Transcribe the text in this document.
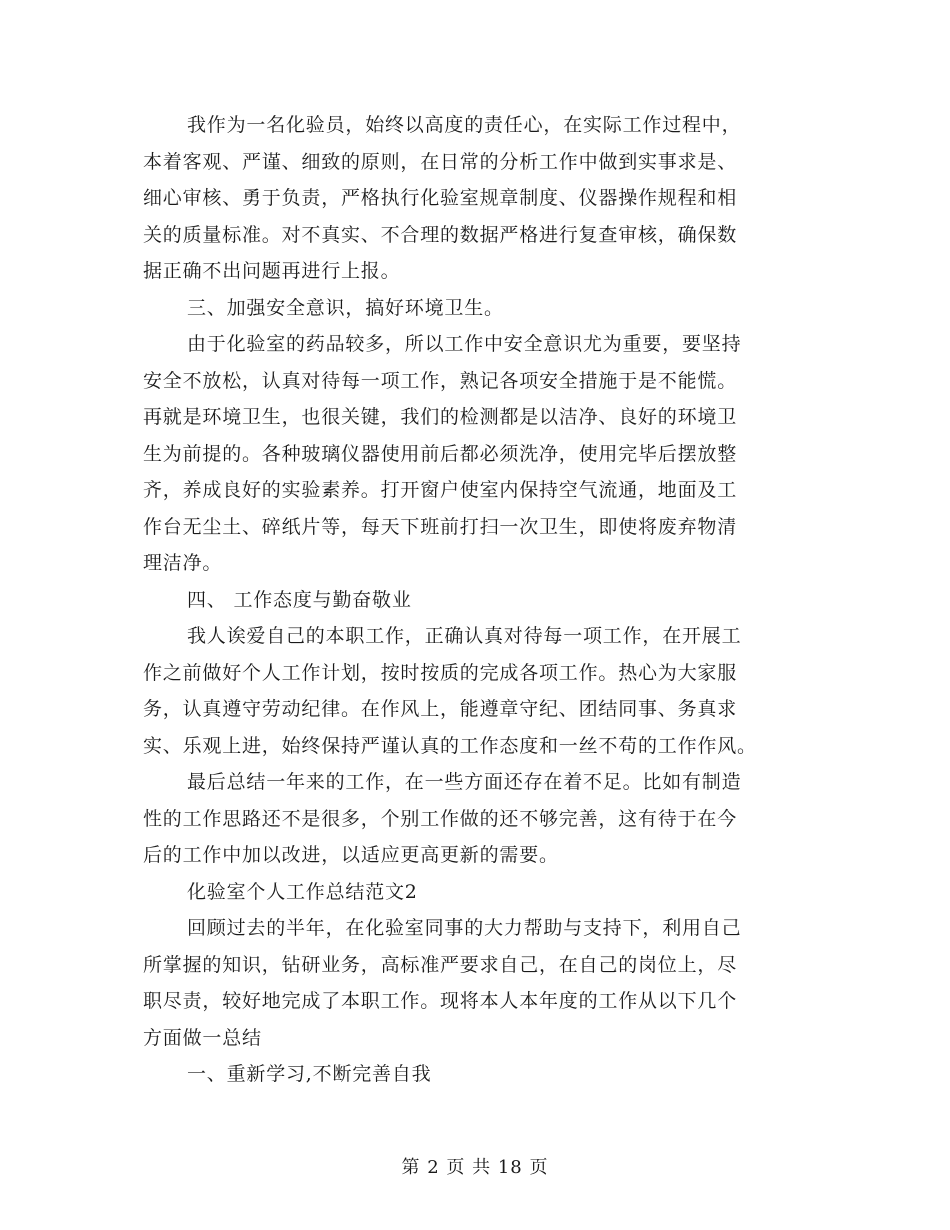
我作为一名化验员，始终以高度的责任心，在实际工作过程中，
本着客观、严谨、细致的原则，在日常的分析工作中做到实事求是、
细心审核、勇于负责，严格执行化验室规章制度、仪器操作规程和相
关的质量标准。对不真实、不合理的数据严格进行复查审核，确保数
据正确不出问题再进行上报。
三、加强安全意识，搞好环境卫生。
由于化验室的药品较多，所以工作中安全意识尤为重要，要坚持
安全不放松，认真对待每一项工作，熟记各项安全措施于是不能慌。
再就是环境卫生，也很关键，我们的检测都是以洁净、良好的环境卫
生为前提的。各种玻璃仪器使用前后都必须洗净，使用完毕后摆放整
齐，养成良好的实验素养。打开窗户使室内保持空气流通，地面及工
作台无尘土、碎纸片等，每天下班前打扫一次卫生，即使将废弃物清
理洁净。
四、 工作态度与勤奋敬业
我人诶爱自己的本职工作，正确认真对待每一项工作，在开展工
作之前做好个人工作计划，按时按质的完成各项工作。热心为大家服
务，认真遵守劳动纪律。在作风上，能遵章守纪、团结同事、务真求
实、乐观上进，始终保持严谨认真的工作态度和一丝不苟的工作作风。
最后总结一年来的工作，在一些方面还存在着不足。比如有制造
性的工作思路还不是很多，个别工作做的还不够完善，这有待于在今
后的工作中加以改进，以适应更高更新的需要。
化验室个人工作总结范文2
回顾过去的半年，在化验室同事的大力帮助与支持下，利用自己
所掌握的知识，钻研业务，高标准严要求自己，在自己的岗位上，尽
职尽责，较好地完成了本职工作。现将本人本年度的工作从以下几个
方面做一总结
一、重新学习,不断完善自我
第 2 页 共 18 页
